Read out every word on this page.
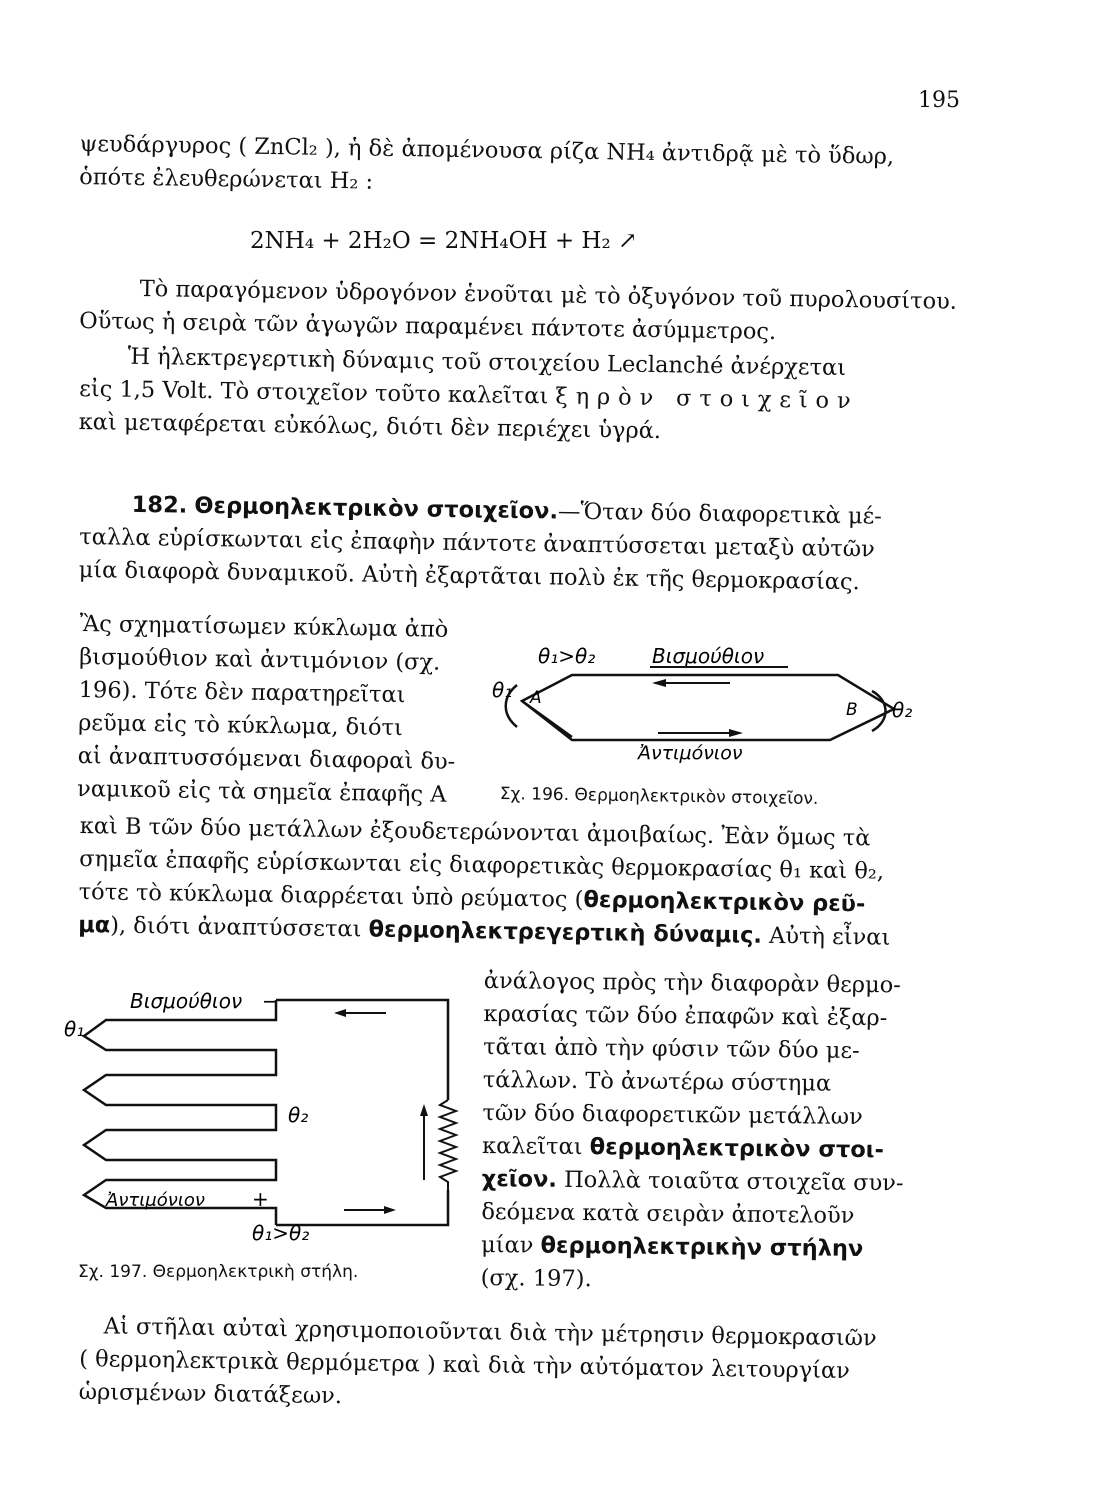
195
ψευδάργυρος ( ZnCl₂ ), ἡ δὲ ἀπομένουσα ρίζα NH₄ ἀντιδρᾷ μὲ τὸ ὕδωρ,
ὁπότε ἐλευθερώνεται H₂ :
2NH₄ + 2H₂O = 2NH₄OH + H₂ ↗
Τὸ παραγόμενον ὑδρογόνον ἑνοῦται μὲ τὸ ὀξυγόνον τοῦ πυρολουσίτου.
Οὕτως ἡ σειρὰ τῶν ἀγωγῶν παραμένει πάντοτε ἀσύμμετρος.
Ἡ ἠλεκτρεγερτικὴ δύναμις τοῦ στοιχείου Leclanché ἀνέρχεται
εἰς 1,5 Volt. Τὸ στοιχεῖον τοῦτο καλεῖται ξηρὸν στοιχεῖον
καὶ μεταφέρεται εὐκόλως, διότι δὲν περιέχει ὑγρά.
182. Θερμοηλεκτρικὸν στοιχεῖον.—Ὅταν δύο διαφορετικὰ μέ-
ταλλα εὑρίσκωνται εἰς ἐπαφὴν πάντοτε ἀναπτύσσεται μεταξὺ αὐτῶν
μία διαφορὰ δυναμικοῦ. Αὐτὴ ἐξαρτᾶται πολὺ ἐκ τῆς θερμοκρασίας.
Ἂς σχηματίσωμεν κύκλωμα ἀπὸ
βισμούθιον καὶ ἀντιμόνιον (σχ.
196). Τότε δὲν παρατηρεῖται
ρεῦμα εἰς τὸ κύκλωμα, διότι
αἱ ἀναπτυσσόμεναι διαφοραὶ δυ-
ναμικοῦ εἰς τὰ σημεῖα ἐπαφῆς A
θ₁>θ₂	Βισμούθιον
θ₁ A
B θ₂
Ἀντιμόνιον
Σχ. 196. Θερμοηλεκτρικὸν στοιχεῖον.
καὶ B τῶν δύο μετάλλων ἐξουδετερώνονται ἀμοιβαίως. Ἐὰν ὅμως τὰ
σημεῖα ἐπαφῆς εὑρίσκωνται εἰς διαφορετικὰς θερμοκρασίας θ₁ καὶ θ₂,
τότε τὸ κύκλωμα διαρρέεται ὑπὸ ρεύματος (θερμοηλεκτρικὸν ρεῦ-
μα), διότι ἀναπτύσσεται θερμοηλεκτρεγερτικὴ δύναμις. Αὐτὴ εἶναι
Βισμούθιον −
θ₁
θ₂
Ἀντιμόνιον +
θ₁>θ₂
Σχ. 197. Θερμοηλεκτρικὴ στήλη.
ἀνάλογος πρὸς τὴν διαφορὰν θερμο-
κρασίας τῶν δύο ἐπαφῶν καὶ ἐξαρ-
τᾶται ἀπὸ τὴν φύσιν τῶν δύο με-
τάλλων. Τὸ ἀνωτέρω σύστημα
τῶν δύο διαφορετικῶν μετάλλων
καλεῖται θερμοηλεκτρικὸν στοι-
χεῖον. Πολλὰ τοιαῦτα στοιχεῖα συν-
δεόμενα κατὰ σειρὰν ἀποτελοῦν
μίαν θερμοηλεκτρικὴν στήλην
(σχ. 197).
Αἱ στῆλαι αὐταὶ χρησιμοποιοῦνται διὰ τὴν μέτρησιν θερμοκρασιῶν
( θερμοηλεκτρικὰ θερμόμετρα ) καὶ διὰ τὴν αὐτόματον λειτουργίαν
ὡρισμένων διατάξεων.
